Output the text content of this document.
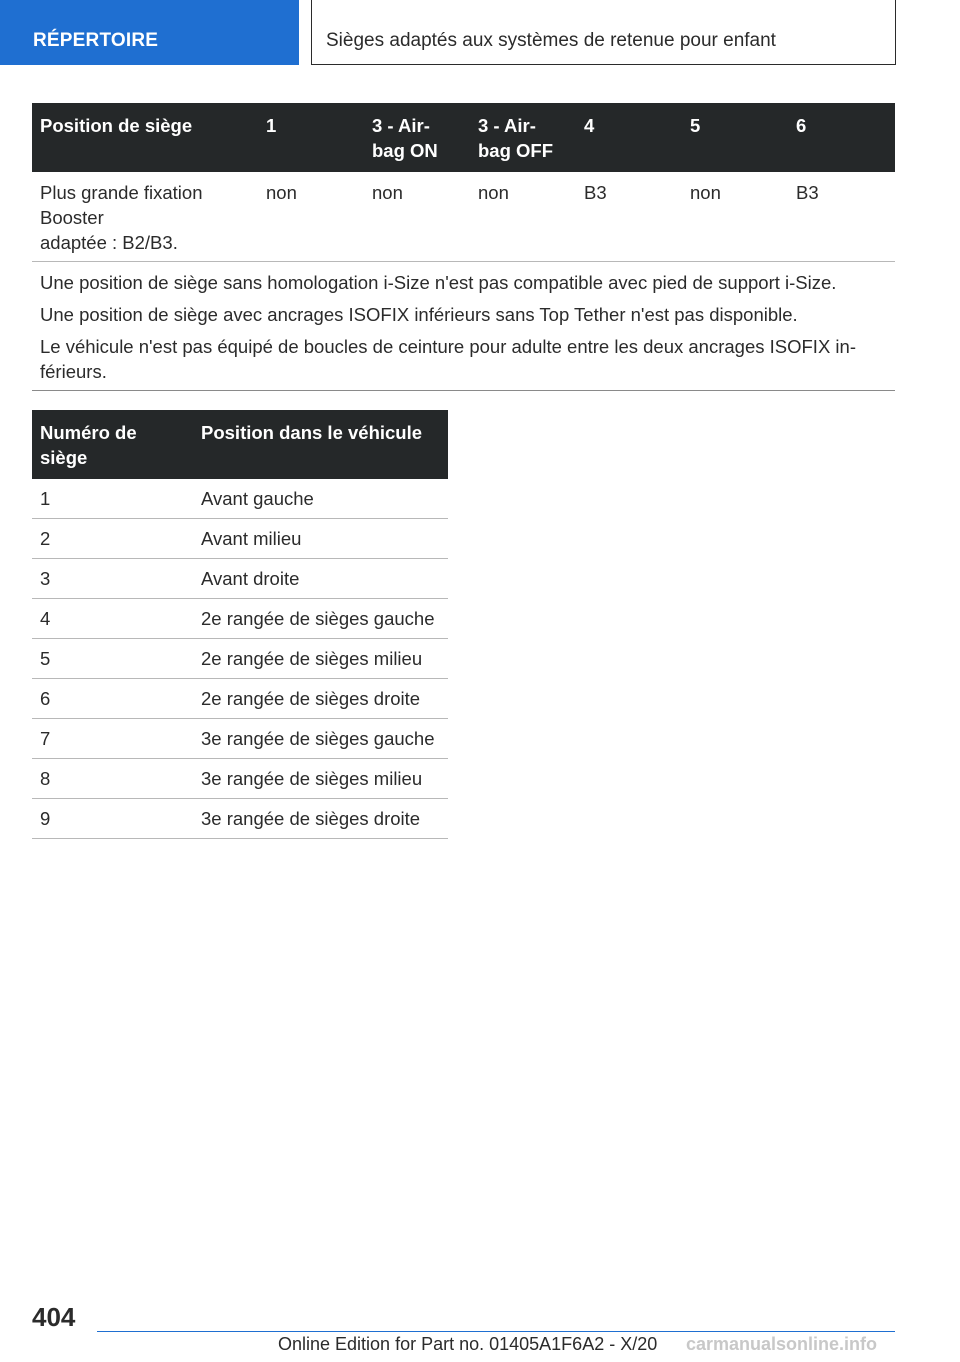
RÉPERTOIRE	Sièges adaptés aux systèmes de retenue pour enfant
Position de siège	1	3 - Air-
bag ON	3 - Air-
bag OFF	4	5	6
Plus grande fixation
Booster
adaptée : B2/B3.	non	non	non	B3	non	B3

Une position de siège sans homologation i-Size n'est pas compatible avec pied de support i-Size.

Une position de siège avec ancrages ISOFIX inférieurs sans Top Tether n'est pas disponible.

Le véhicule n'est pas équipé de boucles de ceinture pour adulte entre les deux ancrages ISOFIX in-
férieurs.						

Numéro de
siège	Position dans le véhicule
1	Avant gauche
2	Avant milieu
3	Avant droite
4	2e rangée de sièges gauche
5	2e rangée de sièges milieu
6	2e rangée de sièges droite
7	3e rangée de sièges gauche
8	3e rangée de sièges milieu
9	3e rangée de sièges droite
404
Online Edition for Part no. 01405A1F6A2 - X/20 carmanualsonline.info
